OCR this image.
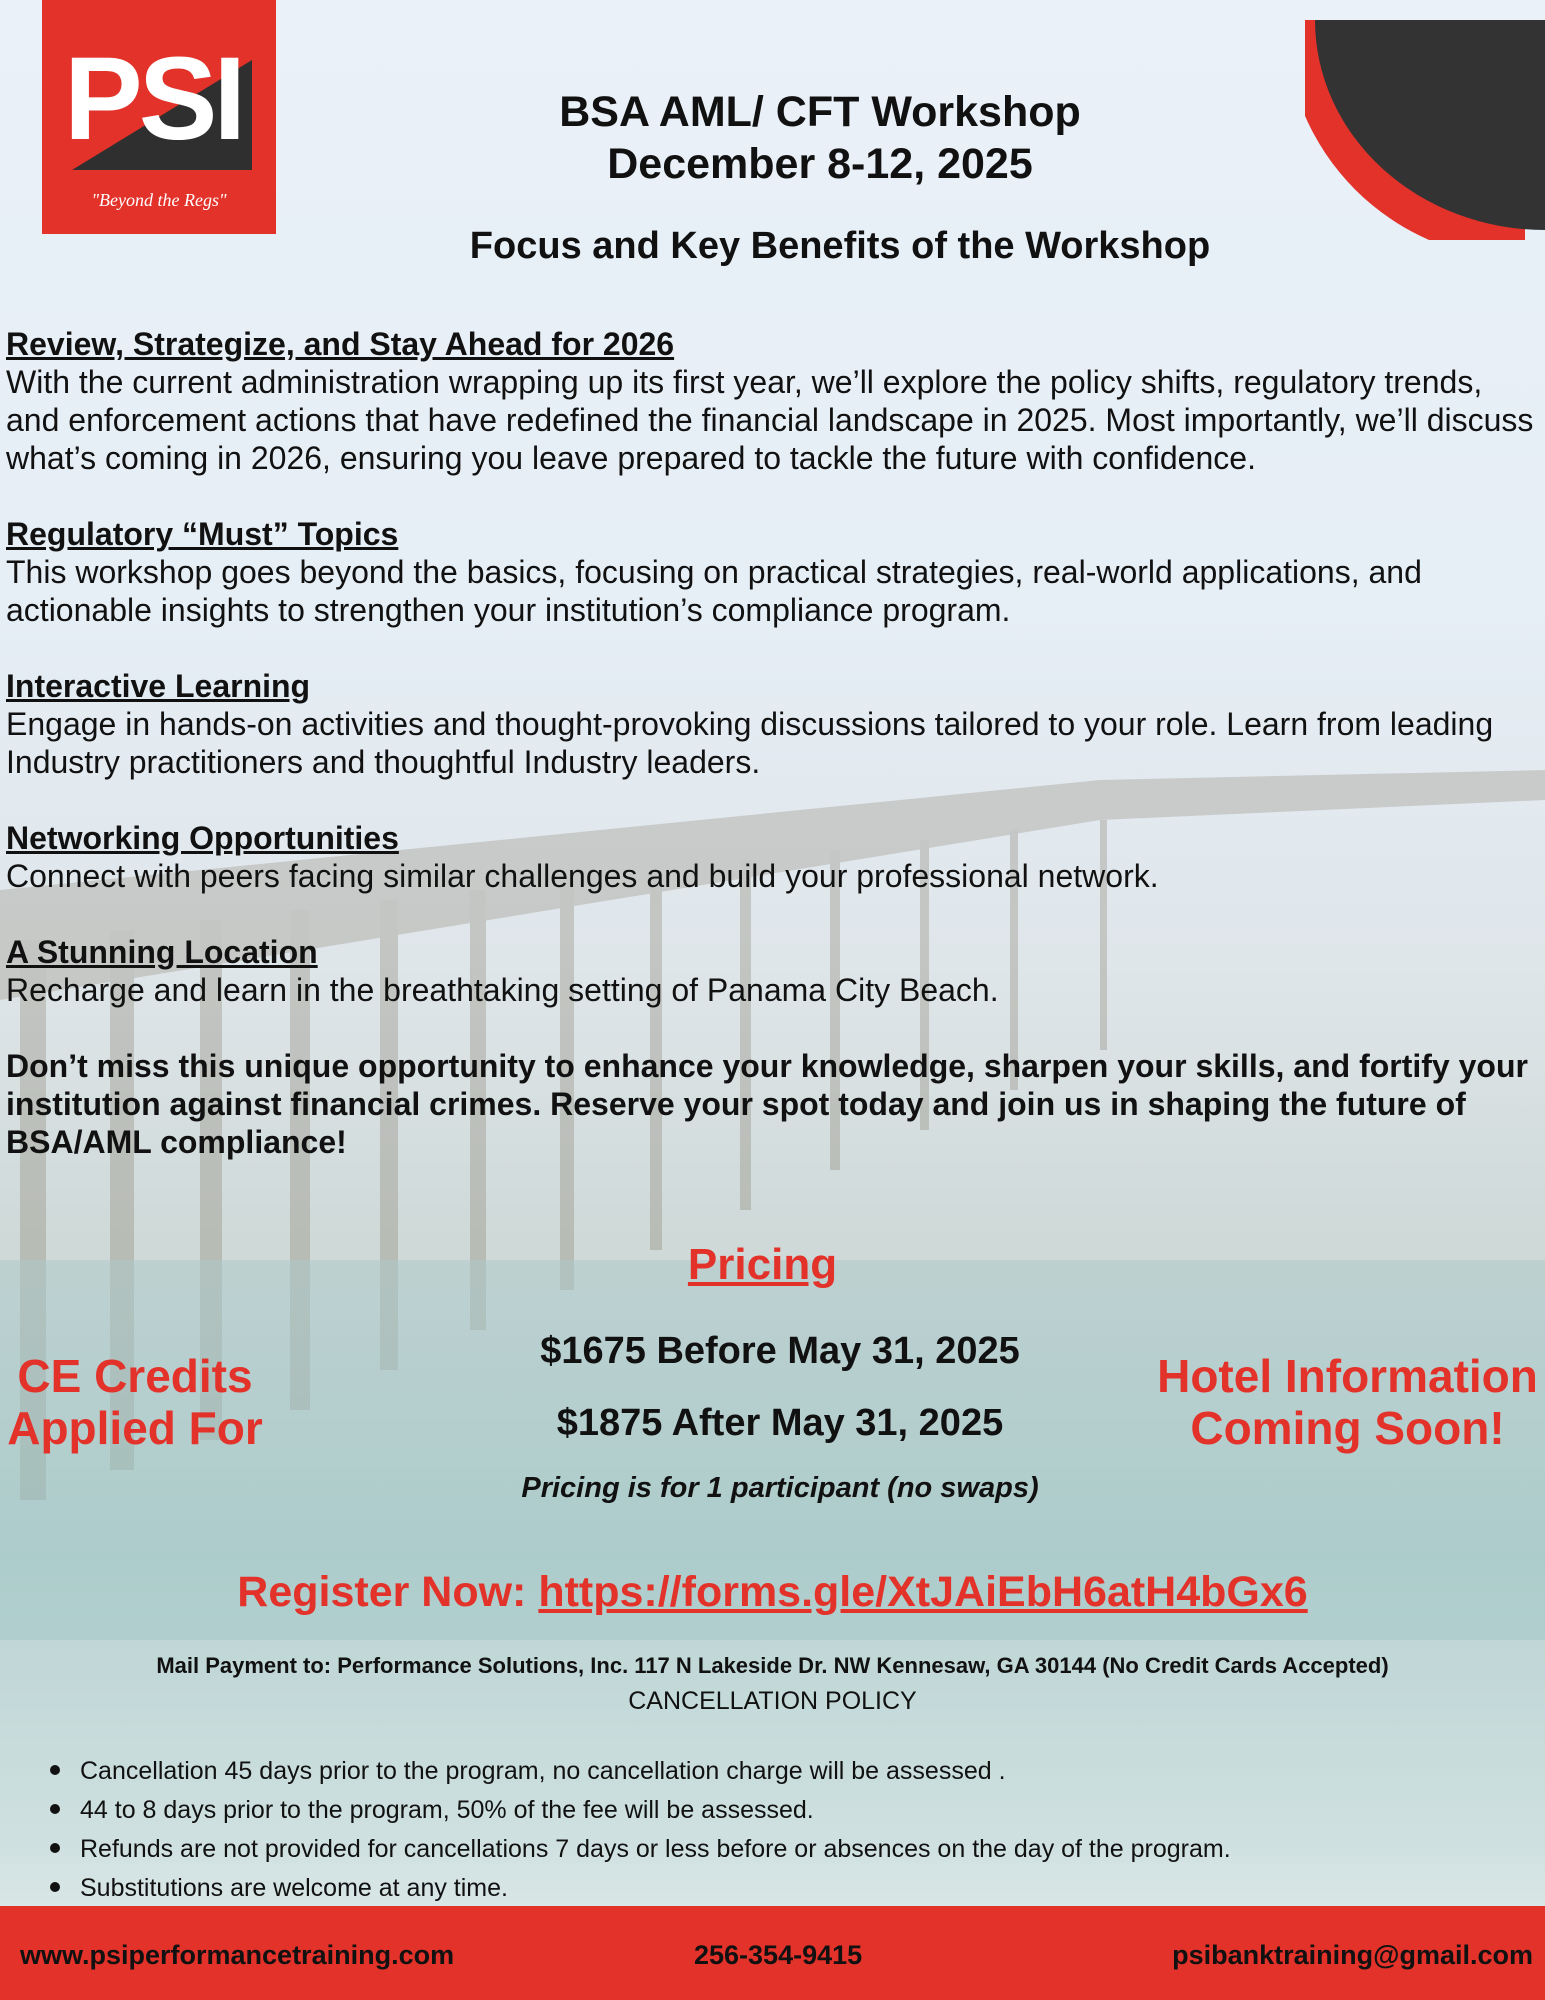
PSI
"Beyond the Regs"
BSA AML/ CFT Workshop
December 8-12, 2025
Focus and Key Benefits of the Workshop
Review, Strategize, and Stay Ahead for 2026
With the current administration wrapping up its first year, we’ll explore the policy shifts, regulatory trends, and enforcement actions that have redefined the financial landscape in 2025. Most importantly, we’ll discuss what’s coming in 2026, ensuring you leave prepared to tackle the future with confidence.
Regulatory “Must” Topics
This workshop goes beyond the basics, focusing on practical strategies, real-world applications, and actionable insights to strengthen your institution’s compliance program.
Interactive Learning
Engage in hands-on activities and thought-provoking discussions tailored to your role. Learn from leading Industry practitioners and thoughtful Industry leaders.
Networking Opportunities
Connect with peers facing similar challenges and build your professional network.
A Stunning Location
Recharge and learn in the breathtaking setting of Panama City Beach.
Don’t miss this unique opportunity to enhance your knowledge, sharpen your skills, and fortify your institution against financial crimes. Reserve your spot today and join us in shaping the future of BSA/AML compliance!
Pricing
$1675 Before May 31, 2025
$1875 After May 31, 2025
Pricing is for 1 participant (no swaps)
CE Credits
Applied For
Hotel Information
Coming Soon!
Register Now: https://forms.gle/XtJAiEbH6atH4bGx6
Mail Payment to: Performance Solutions, Inc. 117 N Lakeside Dr. NW Kennesaw, GA 30144 (No Credit Cards Accepted)
CANCELLATION POLICY
Cancellation 45 days prior to the program, no cancellation charge will be assessed .
44 to 8 days prior to the program, 50% of the fee will be assessed.
Refunds are not provided for cancellations 7 days or less before or absences on the day of the program.
Substitutions are welcome at any time.
www.psiperformancetraining.com	256-354-9415	psibanktraining@gmail.com
